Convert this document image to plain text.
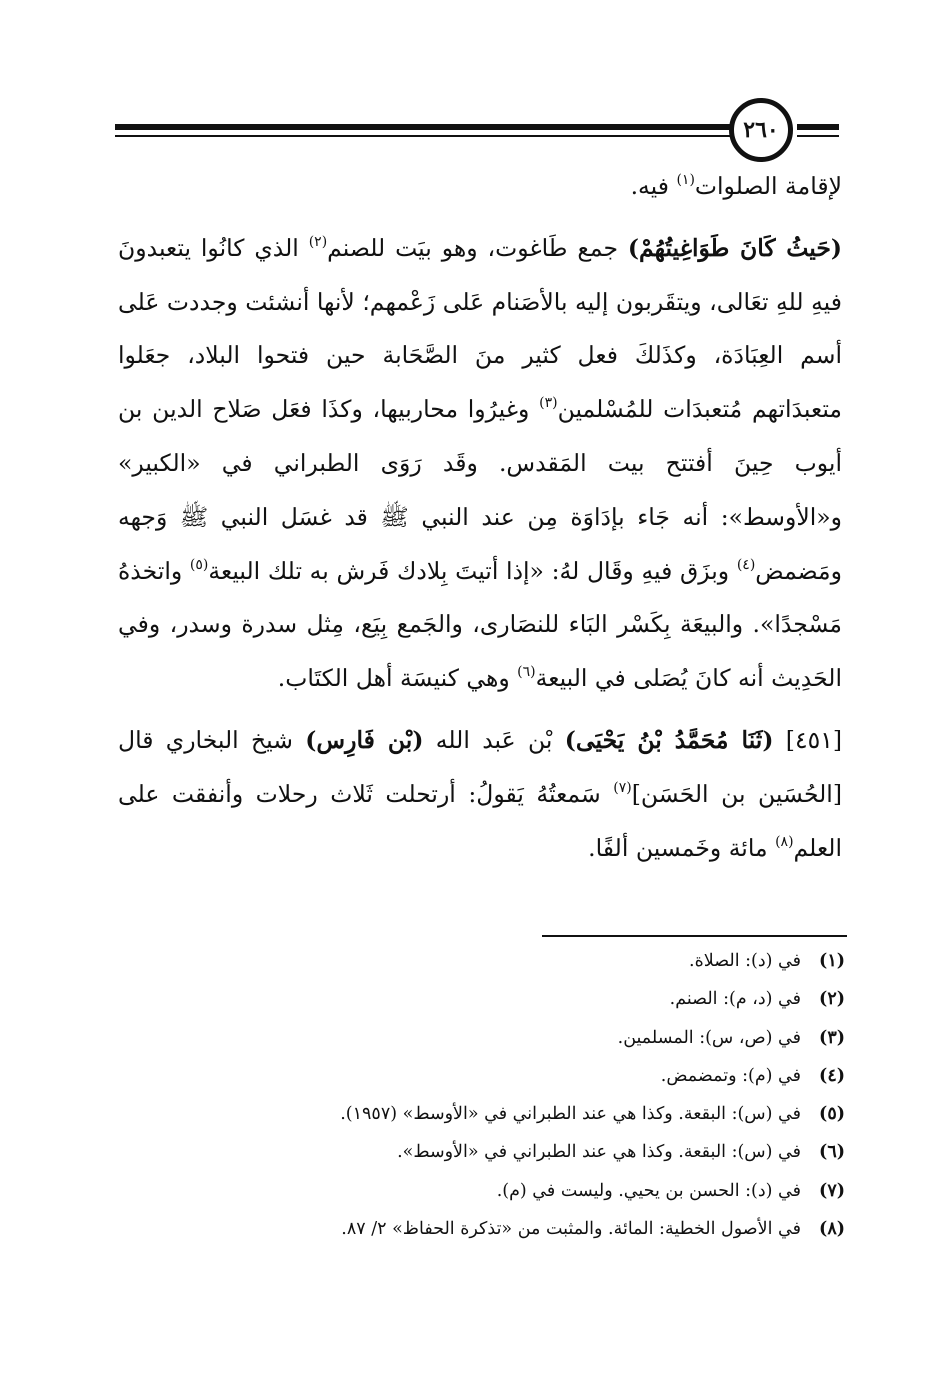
٢٦٠

لإقامة الصلوات$^{(١)}$ فيه.

(حَيثُ كَانَ طَوَاغِيتُهُمْ) جمع طَاغوت، وهو بيَت للصنم$^{(٢)}$ الذي كانُوا يتعبدونَ فيهِ للهِ تعَالى، ويتقَربون إليه بالأصَنام عَلى زَعْمهم؛ لأنها أنشئت وجددت عَلى أسم العِبَادَة، وكذَلكَ فعل كثير منَ الصَّحَابة حين فتحوا البلاد، جعَلوا متعبدَاتهم مُتعبدَات للمُسْلمين$^{(٣)}$ وغيرُوا محاربيها، وكذَا فعَل صَلاح الدين بن أيوب حِينَ أفتتح بيت المَقدس. وقَد رَوَى الطبراني في «الكبير» و«الأوسط»: أنه جَاء بإدَاوَة مِن عند النبي ﷺ قد غسَل النبي ﷺ وَجهه ومَضمض$^{(٤)}$ وبزَق فيهِ وقَال لهُ: «إذا أتيتَ بِلادك فَرش به تلك البيعة$^{(٥)}$ واتخذهُ مَسْجدًا». والبيعَة بِكَسْر البَاء للنصَارى، والجَمع بِيَع، مِثل سدرة وسدر، وفي الحَدِيث أنه كانَ يُصَلى في البيعة$^{(٦)}$ وهي كنيسَة أهل الكتَاب.

[٤٥١] (ثَنَا مُحَمَّدُ بْنُ يَحْيَى) بْن عَبد الله (بْن فَارِس) شيخ البخاري قال [الحُسَين بن الحَسَن]$^{(٧)}$ سَمعتُهُ يَقولُ: أرتحلت ثَلاث رحلات وأنفقت على العلم$^{(٨)}$ مائة وخَمسين ألفًا.

(١)في (د): الصلاة.
(٢)في (د، م): الصنم.
(٣)في (ص، س): المسلمين.
(٤)في (م): وتمضمض.
(٥)في (س): البقعة. وكذا هي عند الطبراني في «الأوسط» (١٩٥٧).
(٦)في (س): البقعة. وكذا هي عند الطبراني في «الأوسط».
(٧)في (د): الحسن بن يحيي. وليست في (م).
(٨)في الأصول الخطية: المائة. والمثبت من «تذكرة الحفاظ» ٢/ ٨٧.
